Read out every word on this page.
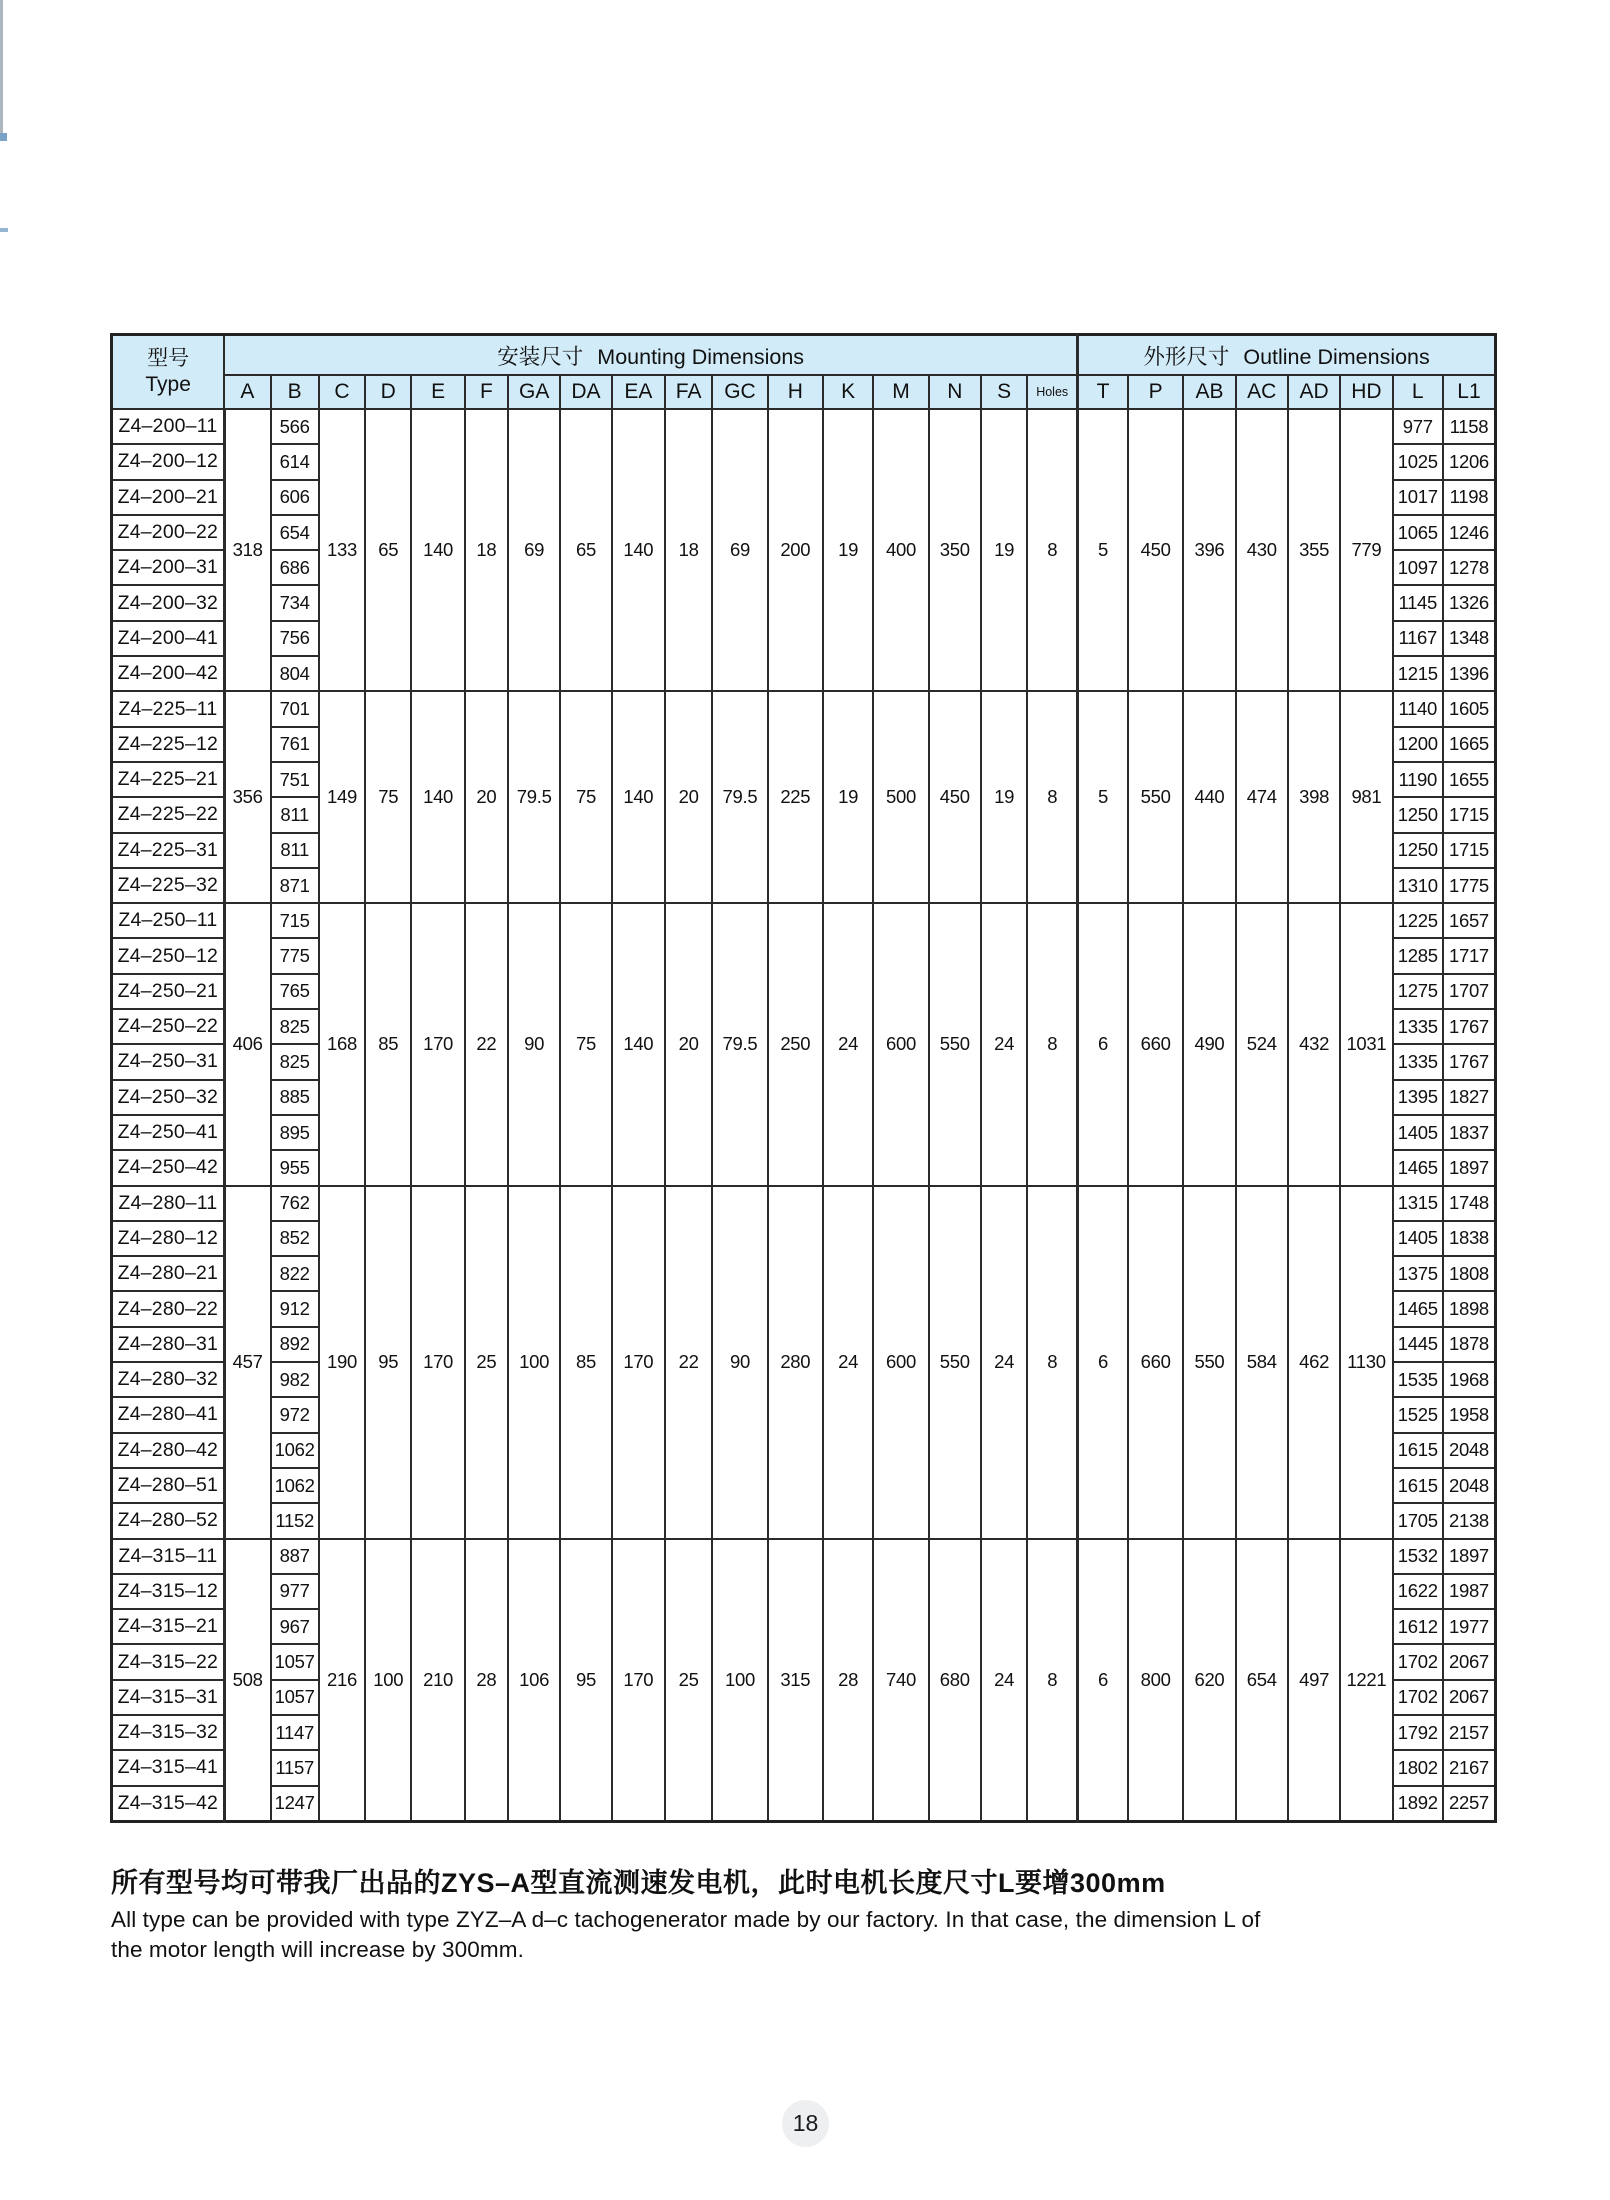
型号
Type	安装尺寸 Mounting Dimensions																	外形尺寸 Outline Dimensions							
	A	B	C	D	E	F	GA	DA	EA	FA	GC	H	K	M	N	S	Holes	T	P	AB	AC	AD	HD	L	L1
Z4–200–11	318	566	133	65	140	18	69	65	140	18	69	200	19	400	350	19	8	5	450	396	430	355	779	977	1158
Z4–200–12		614																						1025	1206
Z4–200–21		606																						1017	1198
Z4–200–22		654																						1065	1246
Z4–200–31		686																						1097	1278
Z4–200–32		734																						1145	1326
Z4–200–41		756																						1167	1348
Z4–200–42		804																						1215	1396
Z4–225–11	356	701	149	75	140	20	79.5	75	140	20	79.5	225	19	500	450	19	8	5	550	440	474	398	981	1140	1605
Z4–225–12		761																						1200	1665
Z4–225–21		751																						1190	1655
Z4–225–22		811																						1250	1715
Z4–225–31		811																						1250	1715
Z4–225–32		871																						1310	1775
Z4–250–11	406	715	168	85	170	22	90	75	140	20	79.5	250	24	600	550	24	8	6	660	490	524	432	1031	1225	1657
Z4–250–12		775																						1285	1717
Z4–250–21		765																						1275	1707
Z4–250–22		825																						1335	1767
Z4–250–31		825																						1335	1767
Z4–250–32		885																						1395	1827
Z4–250–41		895																						1405	1837
Z4–250–42		955																						1465	1897
Z4–280–11	457	762	190	95	170	25	100	85	170	22	90	280	24	600	550	24	8	6	660	550	584	462	1130	1315	1748
Z4–280–12		852																						1405	1838
Z4–280–21		822																						1375	1808
Z4–280–22		912																						1465	1898
Z4–280–31		892																						1445	1878
Z4–280–32		982																						1535	1968
Z4–280–41		972																						1525	1958
Z4–280–42		1062																						1615	2048
Z4–280–51		1062																						1615	2048
Z4–280–52		1152																						1705	2138
Z4–315–11	508	887	216	100	210	28	106	95	170	25	100	315	28	740	680	24	8	6	800	620	654	497	1221	1532	1897
Z4–315–12		977																						1622	1987
Z4–315–21		967																						1612	1977
Z4–315–22		1057																						1702	2067
Z4–315–31		1057																						1702	2067
Z4–315–32		1147																						1792	2157
Z4–315–41		1157																						1802	2167
Z4–315–42		1247																						1892	2257

所有型号均可带我厂出品的ZYS–A型直流测速发电机，此时电机长度尺寸L要增300mm

All type can be provided with type ZYZ–A d–c tachogenerator made by our factory. In that case, the dimension L of the motor length will increase by 300mm.

18
